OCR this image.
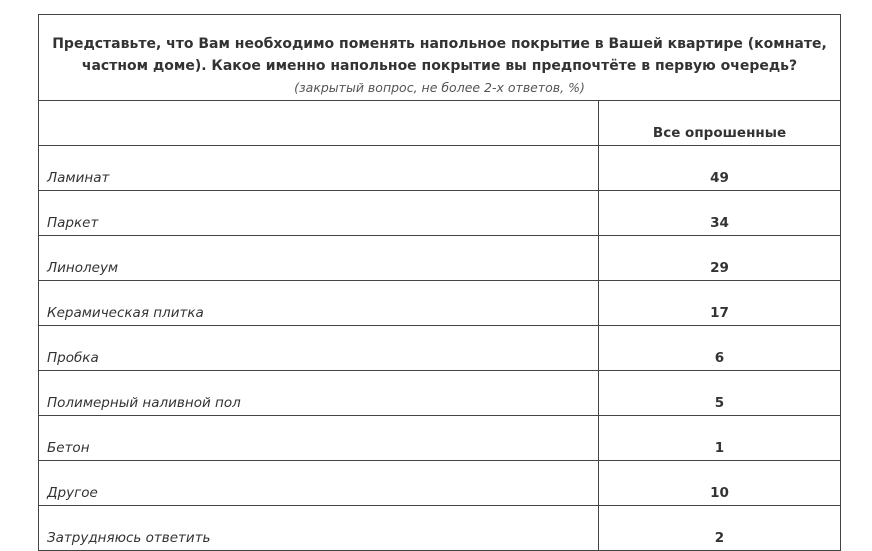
Представьте, что Вам необходимо поменять напольное покрытие в Вашей квартире (комнате, частном доме). Какое именно напольное покрытие вы предпочтёте в первую очередь? (закрытый вопрос, не более 2-х ответов, %)	
	Все опрошенные
Ламинат	49
Паркет	34
Линолеум	29
Керамическая плитка	17
Пробка	6
Полимерный наливной пол	5
Бетон	1
Другое	10
Затрудняюсь ответить	2
